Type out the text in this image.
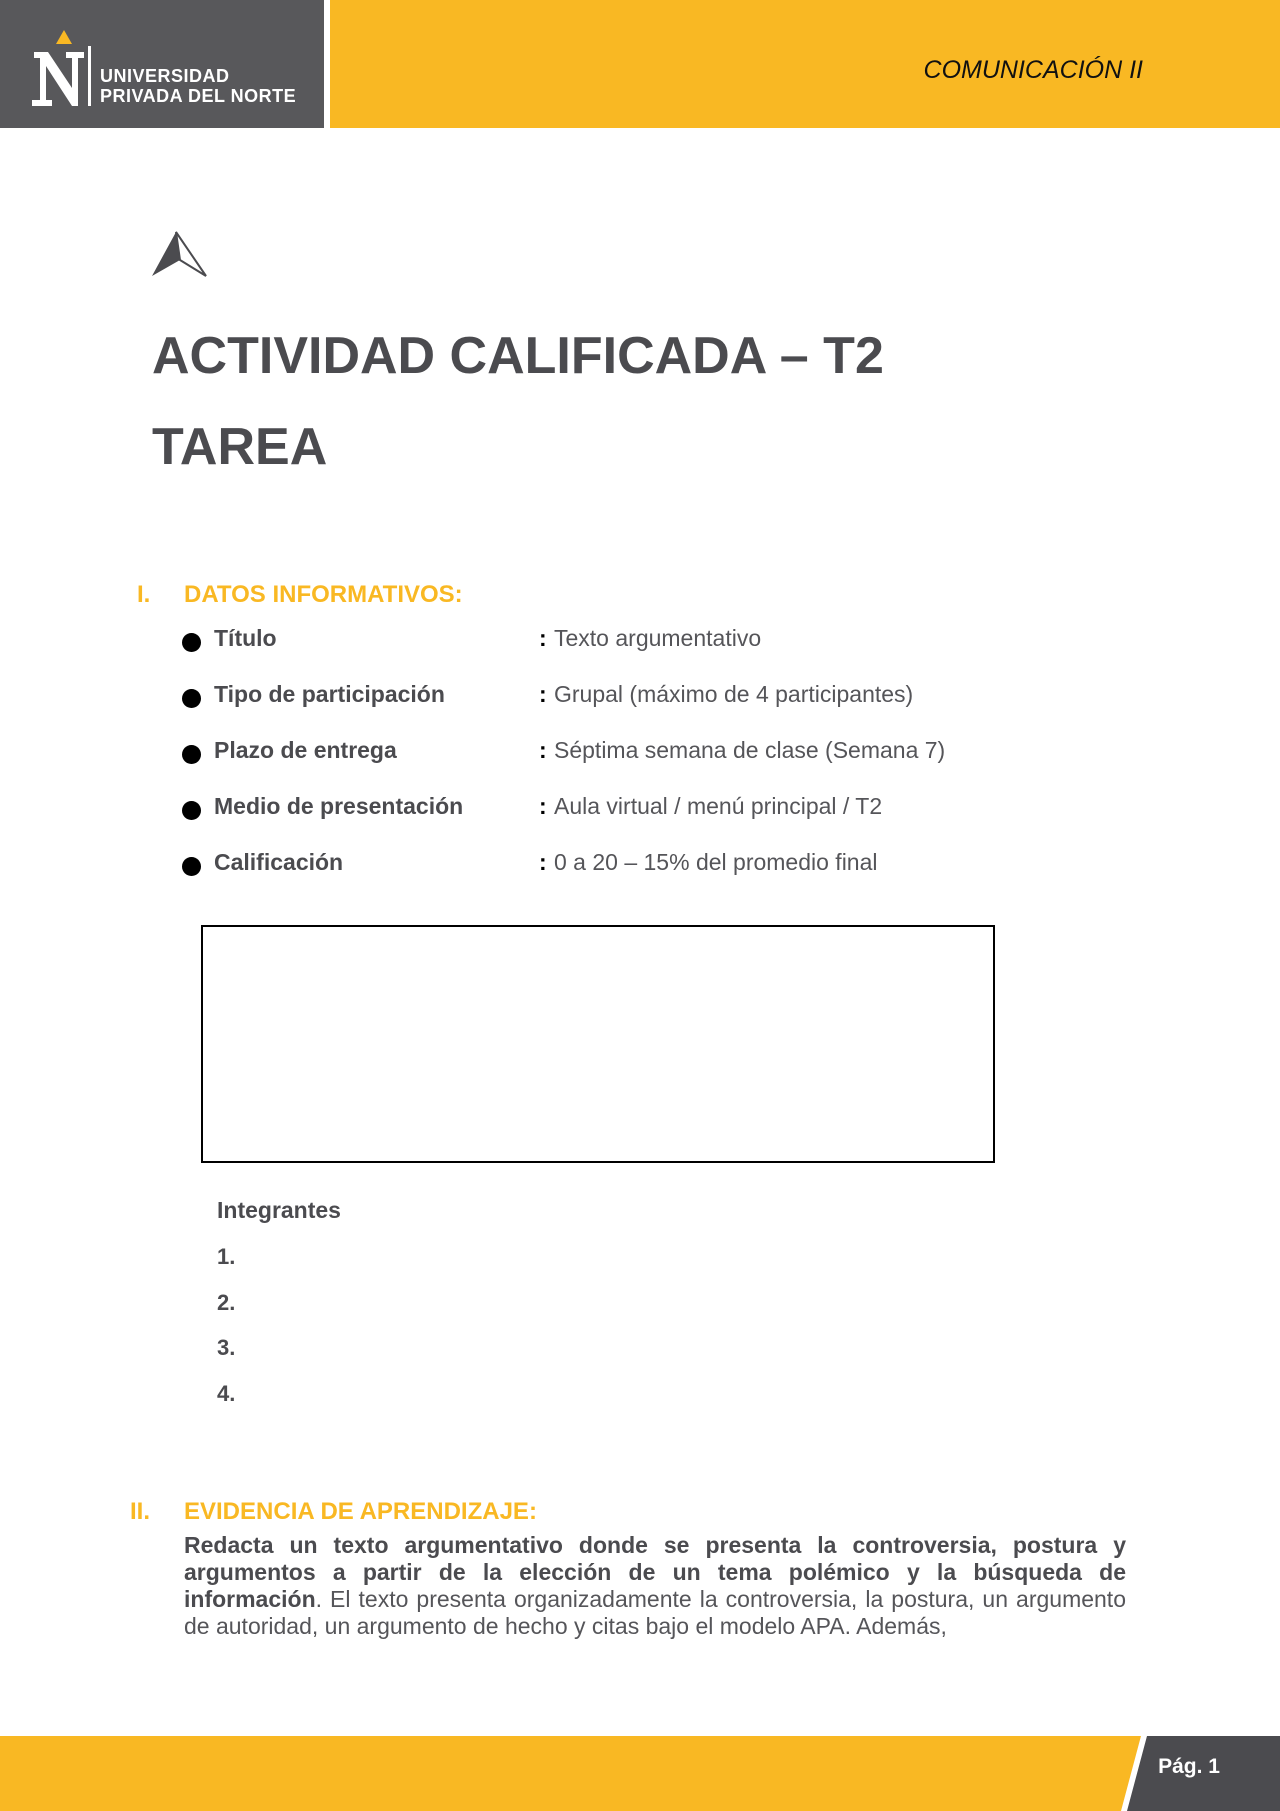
UNIVERSIDAD
PRIVADA DEL NORTE
COMUNICACIÓN II
ACTIVIDAD CALIFICADA – T2
TAREA
I. DATOS INFORMATIVOS:
Título	: Texto argumentativo
Tipo de participación	: Grupal (máximo de 4 participantes)
Plazo de entrega	: Séptima semana de clase (Semana 7)
Medio de presentación	: Aula virtual / menú principal / T2
Calificación	: 0 a 20 – 15% del promedio final
Integrantes
1.
2.
3.
4.
II. EVIDENCIA DE APRENDIZAJE:
Redacta un texto argumentativo donde se presenta la controversia, postura y argumentos a partir de la elección de un tema polémico y la búsqueda de información. El texto presenta organizadamente la controversia, la postura, un argumento de autoridad, un argumento de hecho y citas bajo el modelo APA. Además,
Pág. 1
